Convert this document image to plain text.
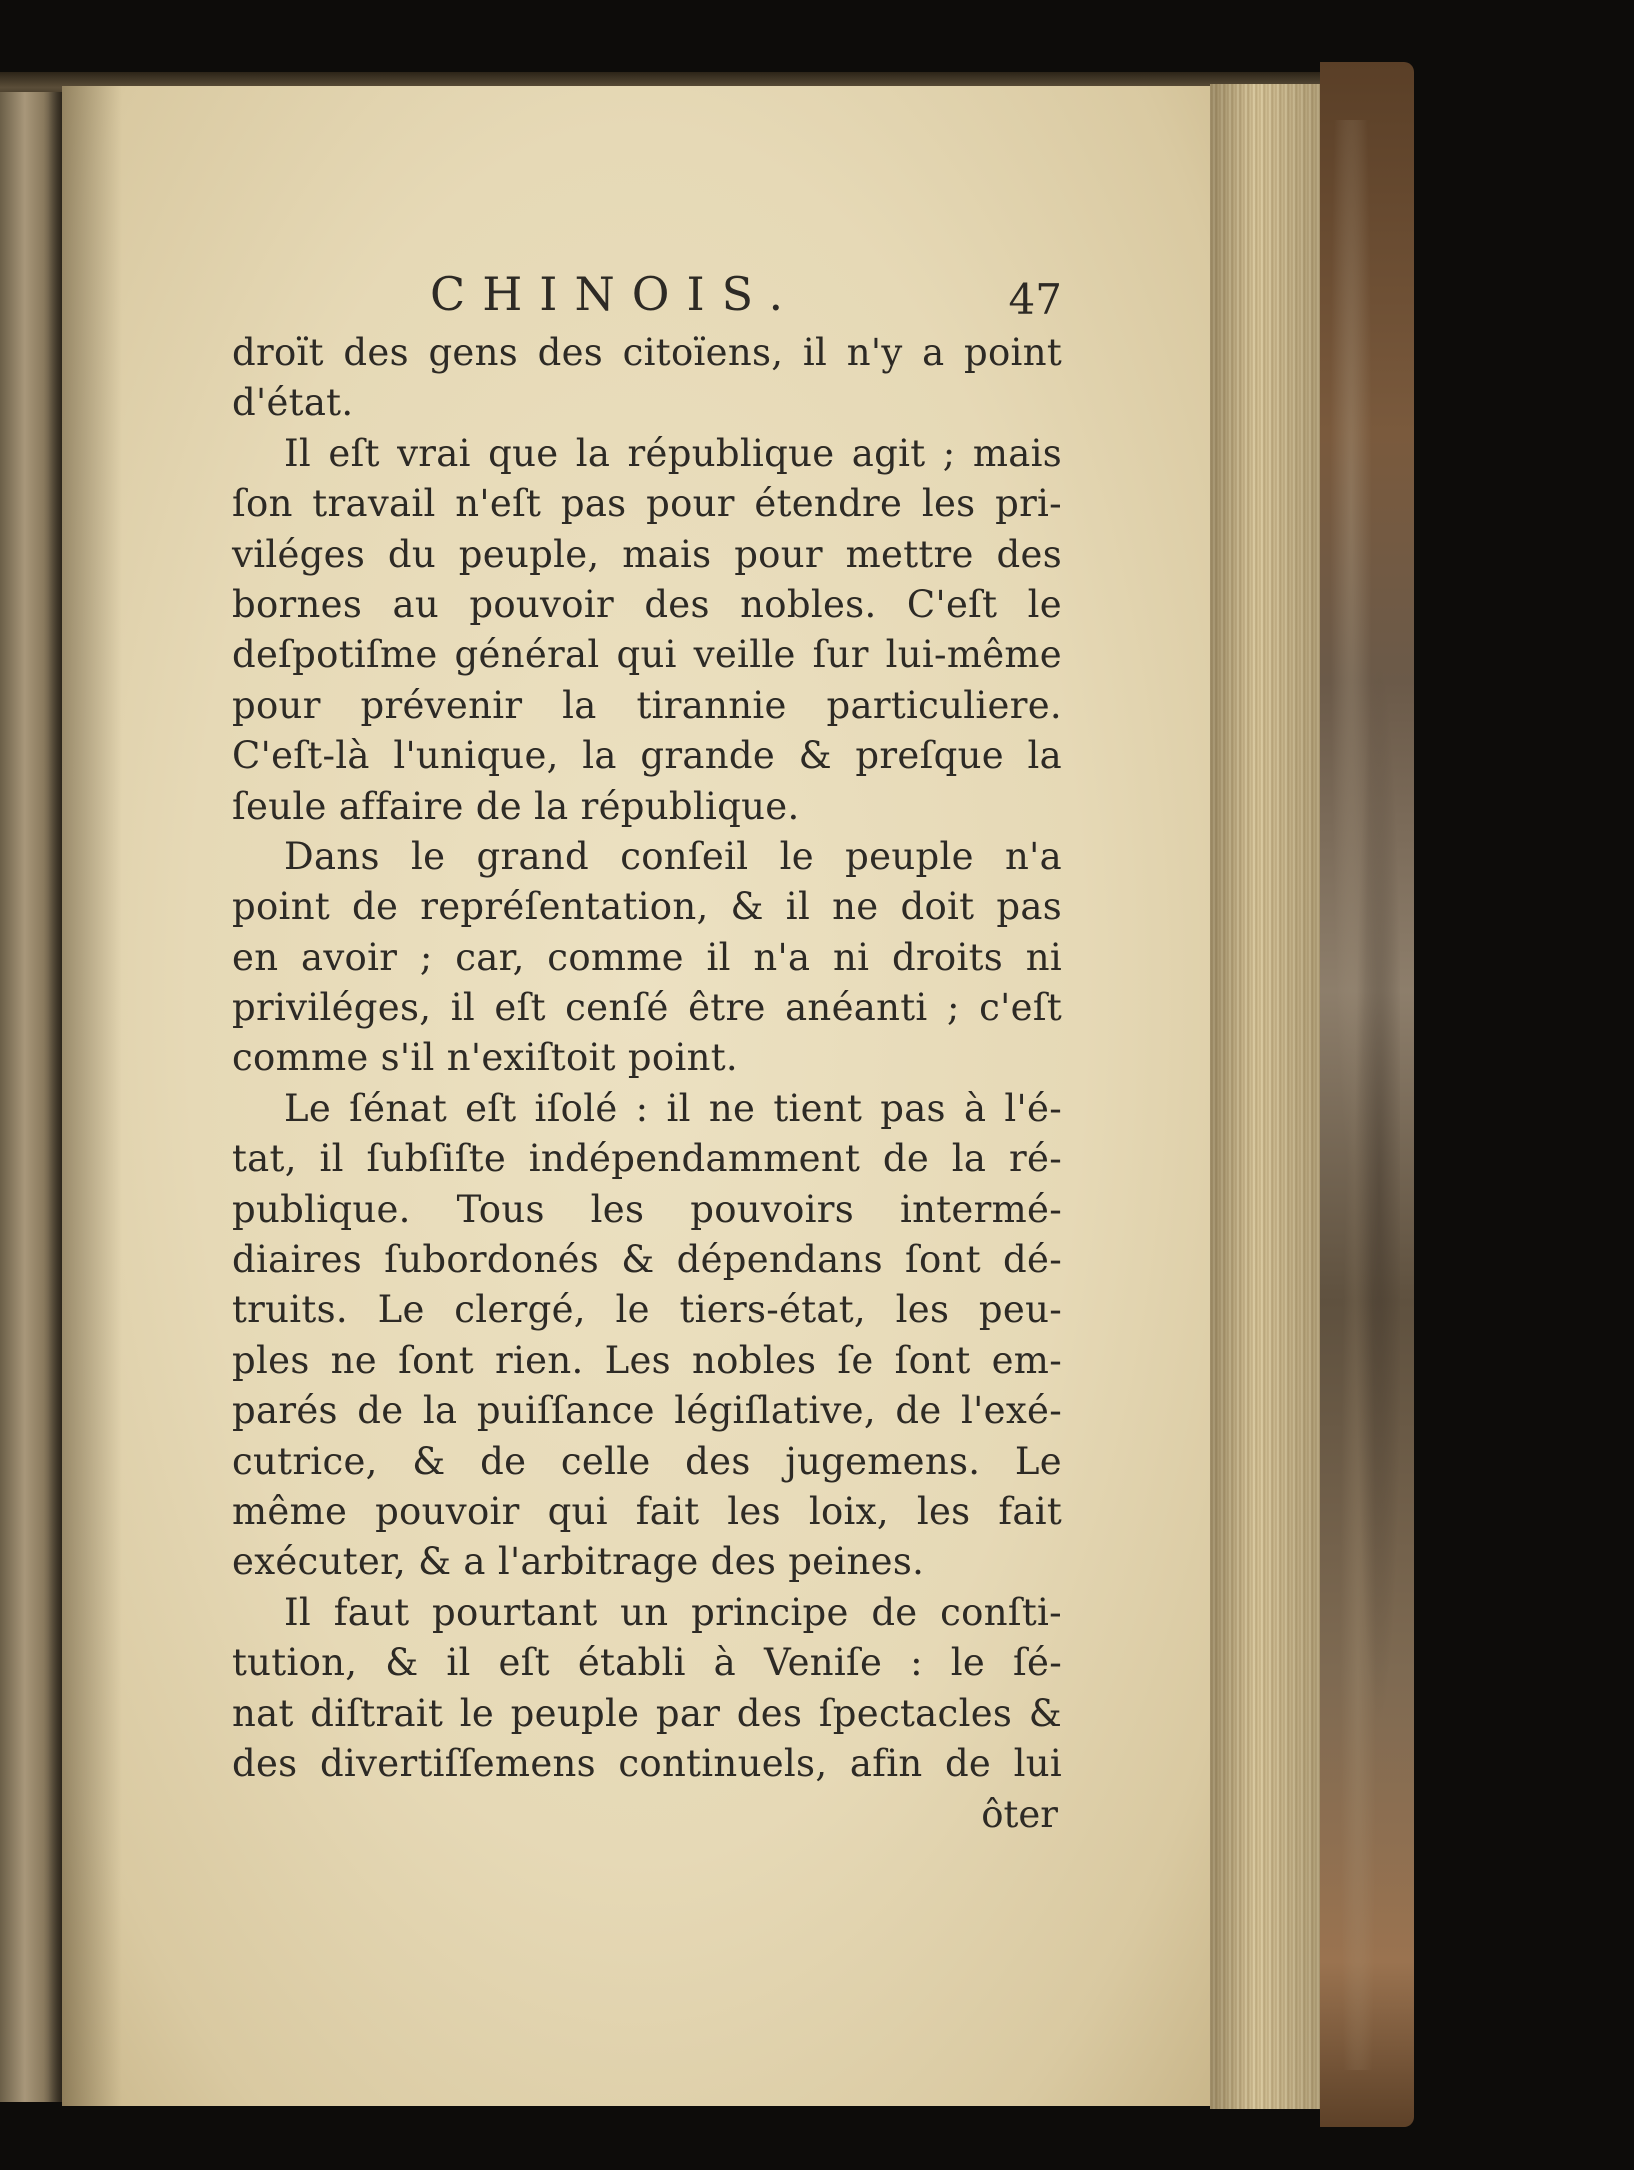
CHINOIS.	47
droït des gens des citoïens, il n'y a point
d'état.
Il eſt vrai que la république agit ; mais
ſon travail n'eſt pas pour étendre les pri-
viléges du peuple, mais pour mettre des
bornes au pouvoir des nobles. C'eſt le
deſpotiſme général qui veille ſur lui-même
pour prévenir la tirannie particuliere.
C'eſt-là l'unique, la grande & preſque la
ſeule affaire de la république.
Dans le grand conſeil le peuple n'a
point de repréſentation, & il ne doit pas
en avoir ; car, comme il n'a ni droits ni
priviléges, il eſt cenſé être anéanti ; c'eſt
comme s'il n'exiſtoit point.
Le ſénat eſt iſolé : il ne tient pas à l'é-
tat, il ſubſiſte indépendamment de la ré-
publique. Tous les pouvoirs intermé-
diaires ſubordonés & dépendans ſont dé-
truits. Le clergé, le tiers-état, les peu-
ples ne ſont rien. Les nobles ſe ſont em-
parés de la puiſſance légiſlative, de l'exé-
cutrice, & de celle des jugemens. Le
même pouvoir qui fait les loix, les fait
exécuter, & a l'arbitrage des peines.
Il faut pourtant un principe de conſti-
tution, & il eſt établi à Veniſe : le ſé-
nat diſtrait le peuple par des ſpectacles &
des divertiſſemens continuels, afin de lui
ôter
